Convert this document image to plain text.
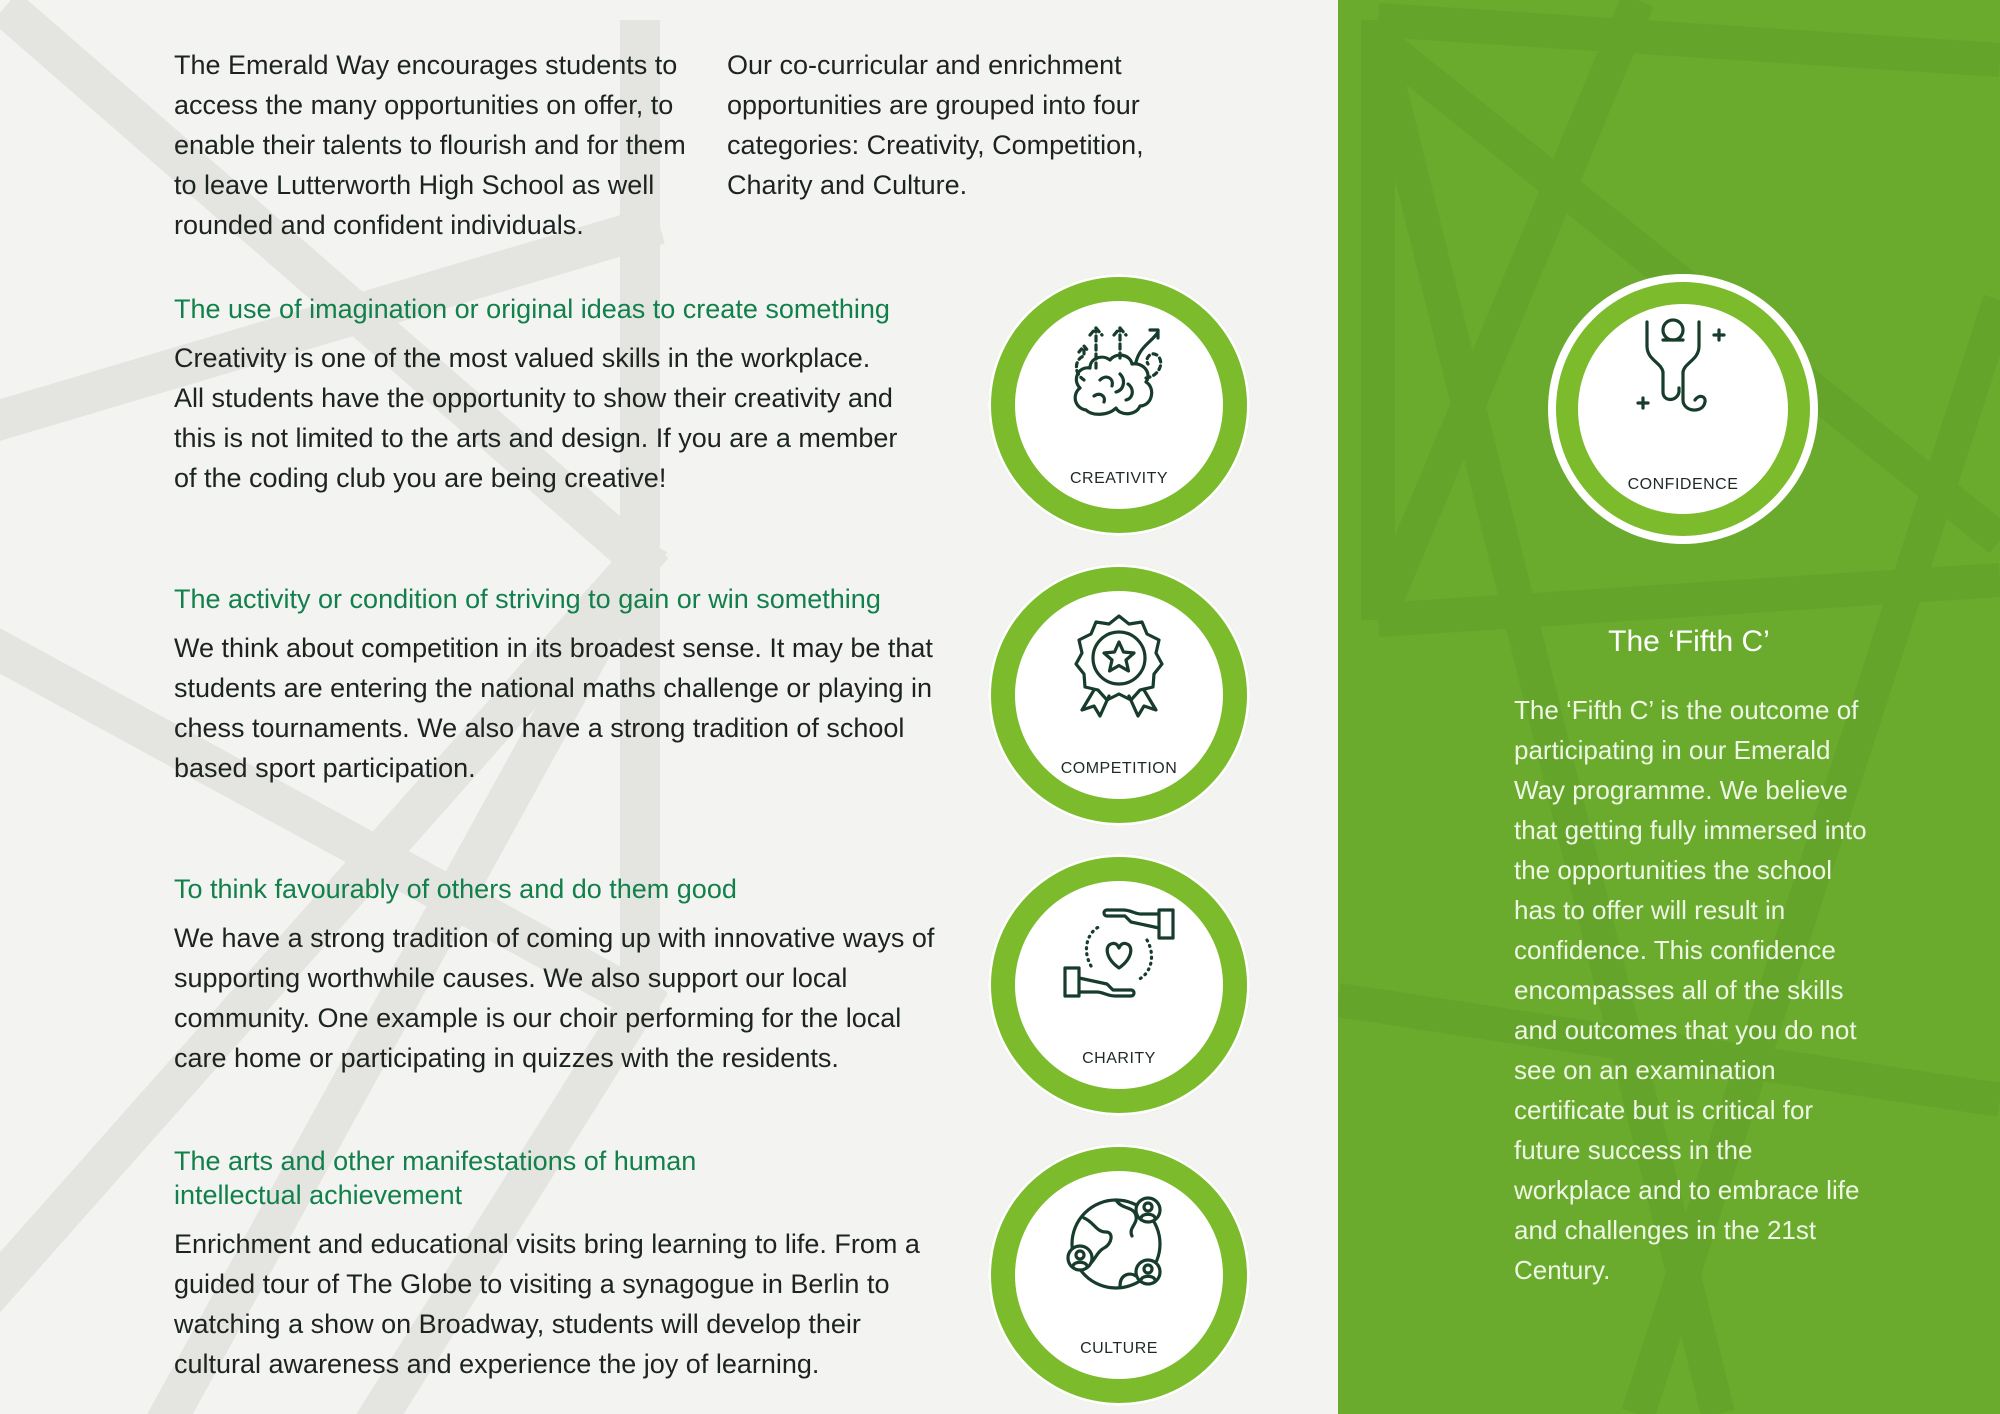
The Emerald Way encourages students to access the many opportunities on offer, to enable their talents to flourish and for them to leave Lutterworth High School as well rounded and confident individuals.

Our co-curricular and enrichment opportunities are grouped into four categories: Creativity, Competition, Charity and Culture.

The use of imagination or original ideas to create something

Creativity is one of the most valued skills in the workplace. All students have the opportunity to show their creativity and this is not limited to the arts and design. If you are a member of the coding club you are being creative!	CREATIVITY
The activity or condition of striving to gain or win something

We think about competition in its broadest sense. It may be that students are entering the national maths challenge or playing in chess tournaments. We also have a strong tradition of school based sport participation.	COMPETITION
To think favourably of others and do them good

We have a strong tradition of coming up with innovative ways of supporting worthwhile causes. We also support our local community. One example is our choir performing for the local care home or participating in quizzes with the residents.	CHARITY
The arts and other manifestations of human intellectual achievement

Enrichment and educational visits bring learning to life. From a guided tour of The Globe to visiting a synagogue in Berlin to watching a show on Broadway, students will develop their cultural awareness and experience the joy of learning.

CULTURE
CONFIDENCE
The ‘Fifth C’

The ‘Fifth C’ is the outcome of participating in our Emerald Way programme. We believe that getting fully immersed into the opportunities the school has to offer will result in confidence. This confidence encompasses all of the skills and outcomes that you do not see on an examination certificate but is critical for future success in the workplace and to embrace life and challenges in the 21st Century.
